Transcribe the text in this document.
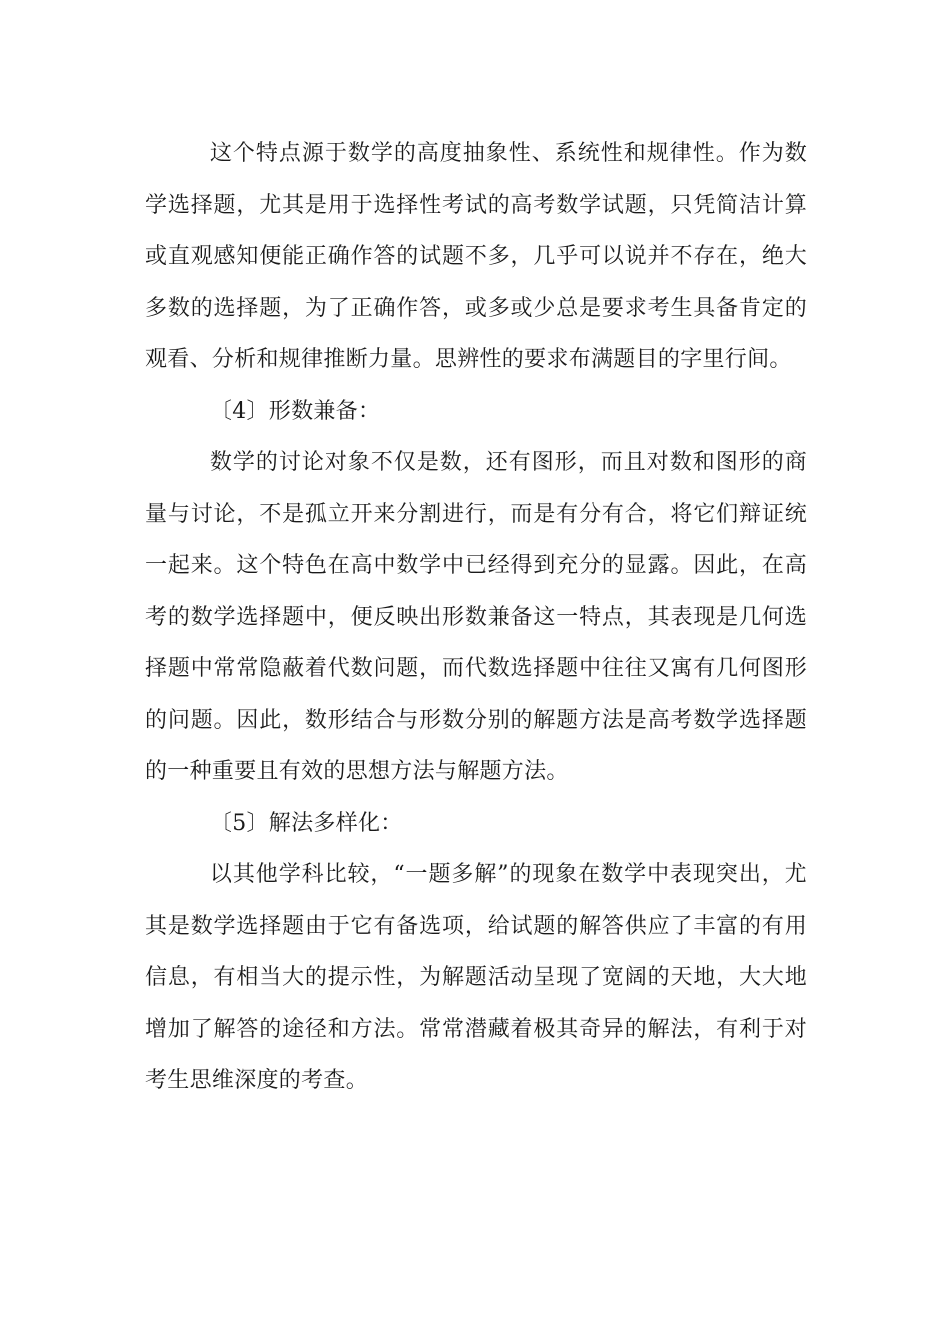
这个特点源于数学的高度抽象性、系统性和规律性。作为数学选择题，尤其是用于选择性考试的高考数学试题，只凭简洁计算或直观感知便能正确作答的试题不多，几乎可以说并不存在，绝大多数的选择题，为了正确作答，或多或少总是要求考生具备肯定的观看、分析和规律推断力量。思辨性的要求布满题目的字里行间。

〔4〕形数兼备：

数学的讨论对象不仅是数，还有图形，而且对数和图形的商量与讨论，不是孤立开来分割进行，而是有分有合，将它们辩证统一起来。这个特色在高中数学中已经得到充分的显露。因此，在高考的数学选择题中，便反映出形数兼备这一特点，其表现是几何选择题中常常隐蔽着代数问题，而代数选择题中往往又寓有几何图形的问题。因此，数形结合与形数分别的解题方法是高考数学选择题的一种重要且有效的思想方法与解题方法。

〔5〕解法多样化：

以其他学科比较，“一题多解”的现象在数学中表现突出，尤其是数学选择题由于它有备选项，给试题的解答供应了丰富的有用信息，有相当大的提示性，为解题活动呈现了宽阔的天地，大大地增加了解答的途径和方法。常常潜藏着极其奇异的解法，有利于对考生思维深度的考查。
